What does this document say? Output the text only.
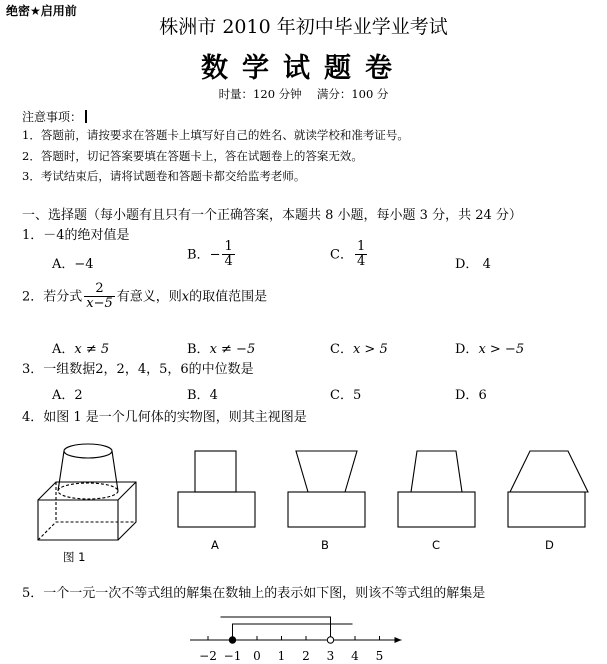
绝密★启用前
株洲市 2010 年初中毕业学业考试
数学试题卷
时量：120 分钟　 满分：100 分
注意事项：
1．答题前，请按要求在答题卡上填写好自己的姓名、就读学校和准考证号。
2．答题时，切记答案要填在答题卡上，答在试题卷上的答案无效。
3．考试结束后，请将试题卷和答题卡都交给监考老师。
一、选择题（每小题有且只有一个正确答案，本题共 8 小题，每小题 3 分，共 24 分）
1．－4的绝对值是
A．−4
B．− $\frac{1}{4}$	C． $\frac{1}{4}$	D． 4
2．若分式 $\frac{2}{x-5}$ 有意义，则x的取值范围是
A．x ≠ 5	B．x ≠ −5	C．x > 5	D．x > −5
3．一组数据2，2，4，5，6的中位数是
A．2	B．4	C．5	D．6
4．如图 1 是一个几何体的实物图，则其主视图是
−2 −1 0 1 2 3 4 5
图 1
A	B	C	D
5．一个一元一次不等式组的解集在数轴上的表示如下图，则该不等式组的解集是
